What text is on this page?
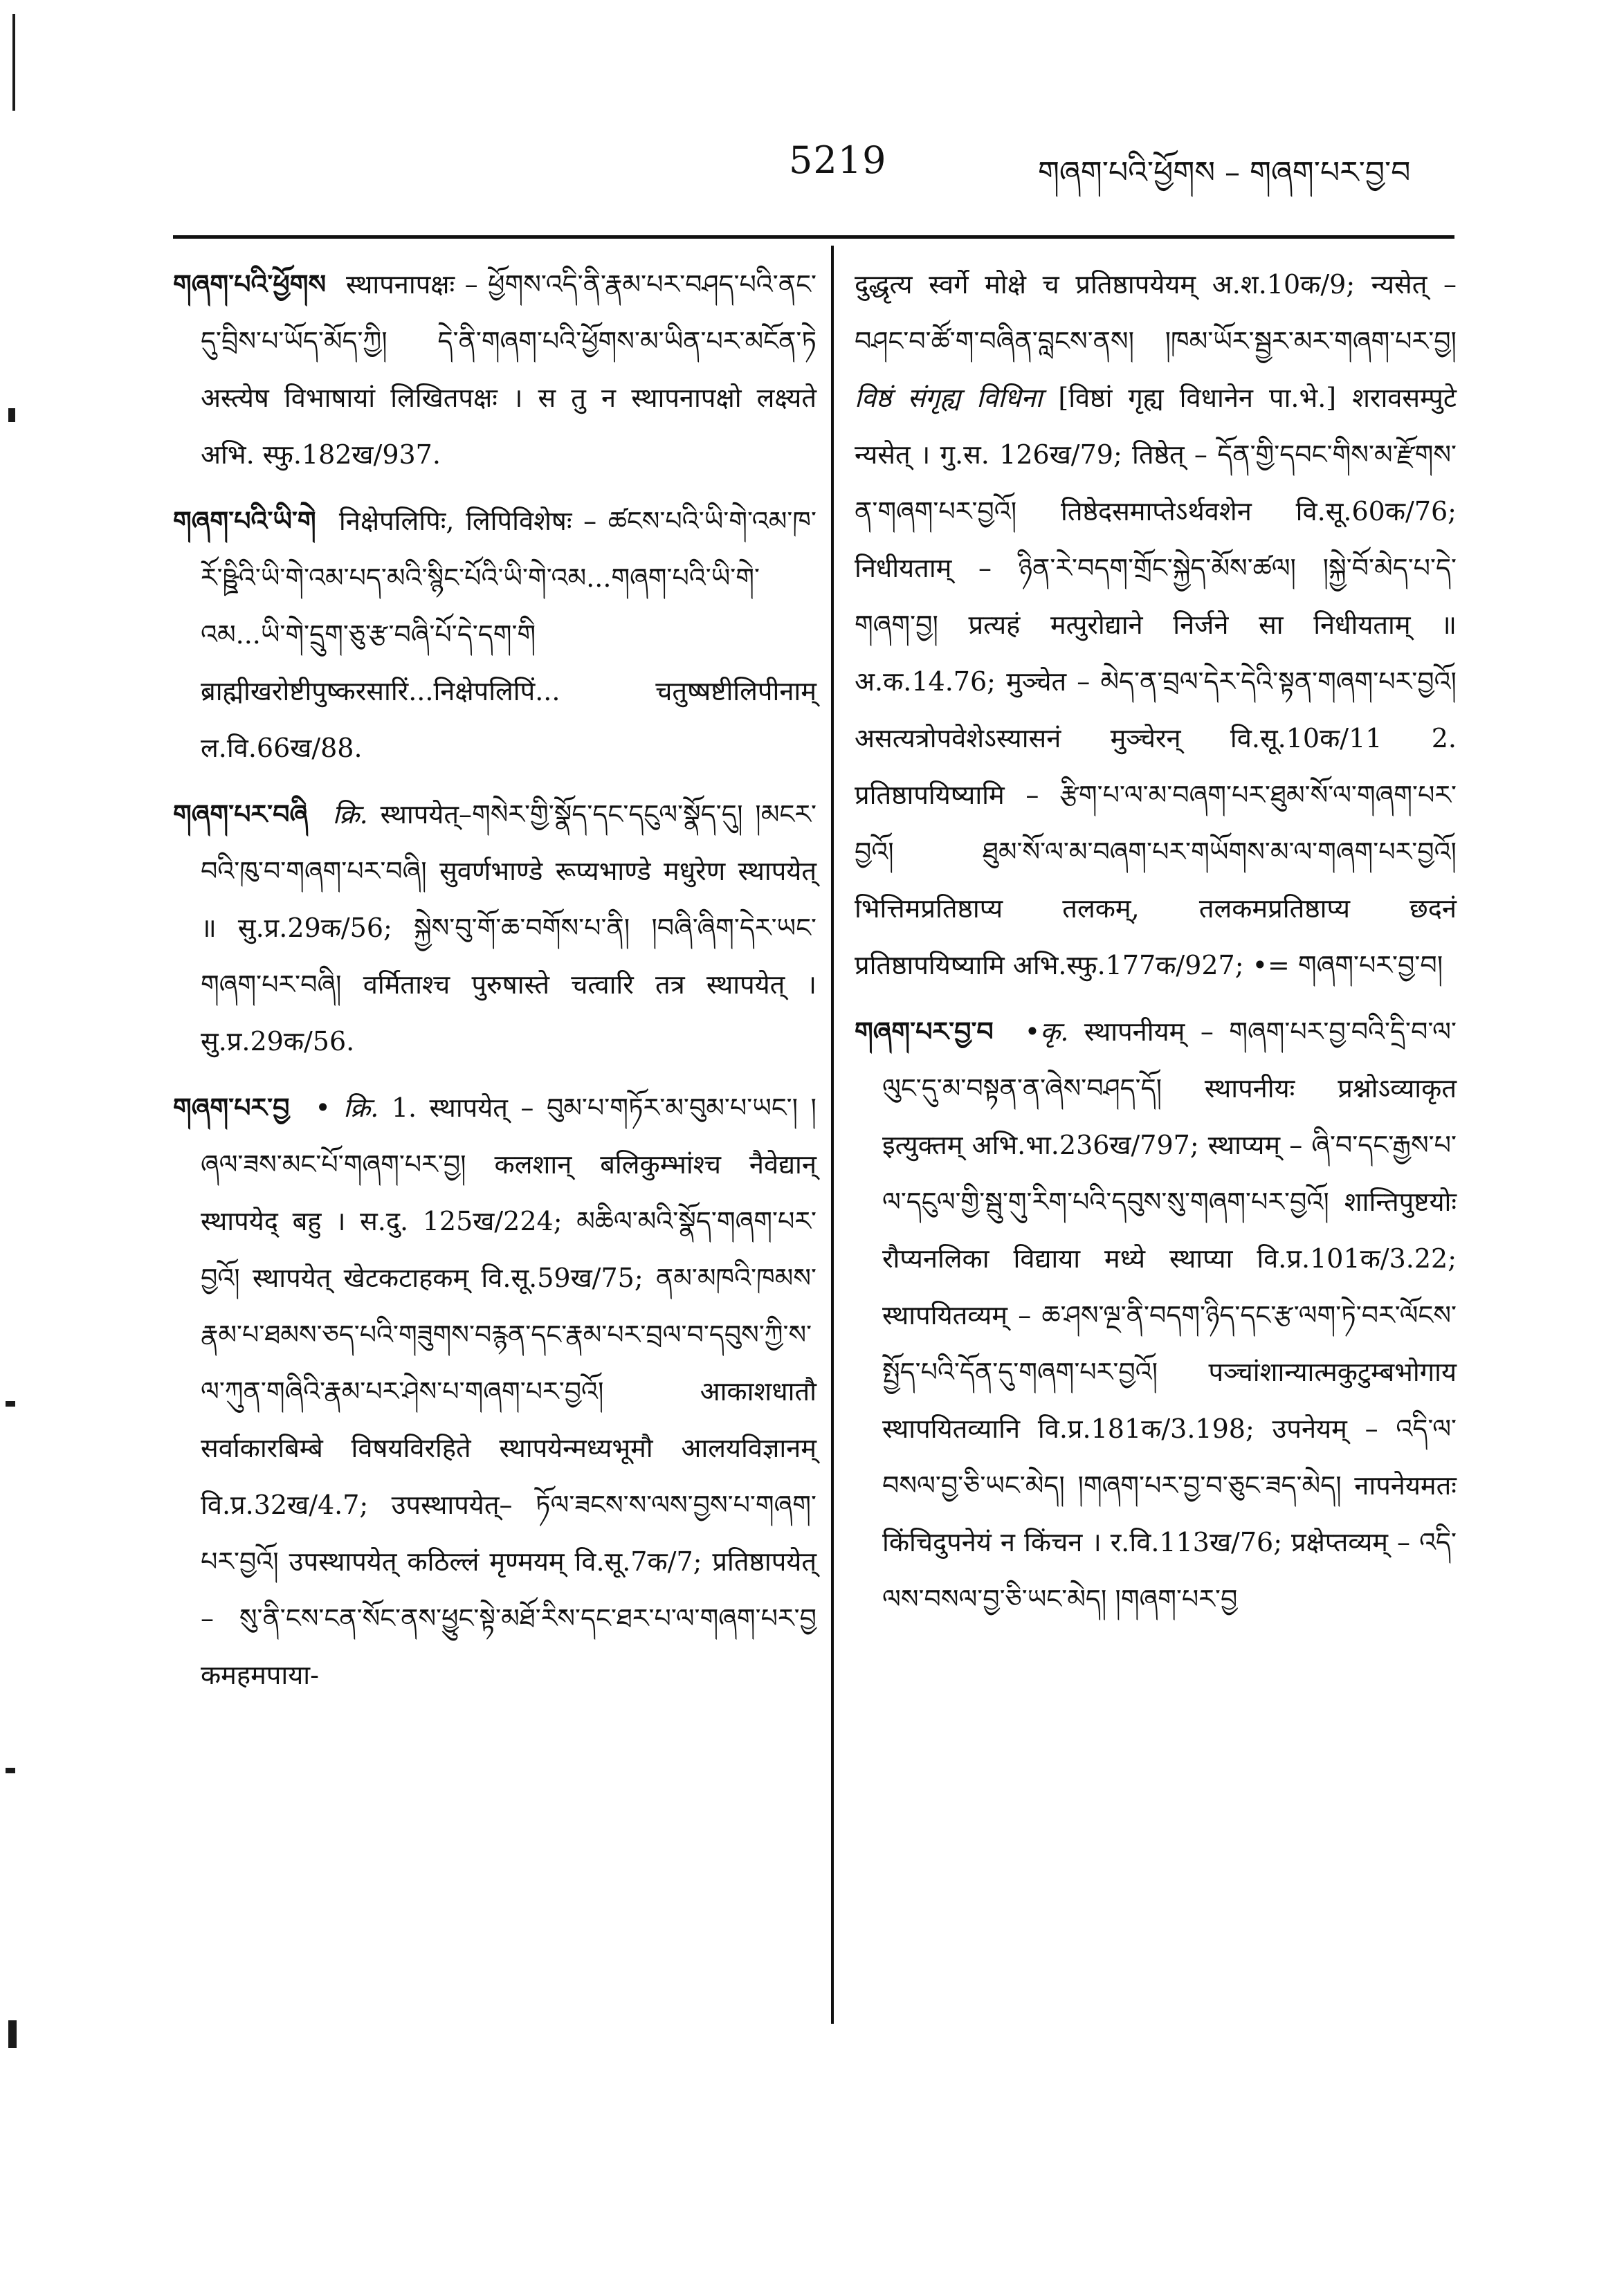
5219	གཞག་པའི་ཕྱོགས – གཞག་པར་བྱ་བ

གཞག་པའི་ཕྱོགས स्थापनापक्षः – ཕྱོགས་འདི་ནི་རྣམ་པར་བཤད་པའི་ནང་དུ་བྲིས་པ་ཡོད་མོད་ཀྱི། དེ་ནི་གཞག་པའི་ཕྱོགས་མ་ཡིན་པར་མངོན་ཏེ अस्त्येष विभाषायां लिखितपक्षः । स तु न स्थापनापक्षो लक्ष्यते अभि. स्फु.182ख/937.

གཞག་པའི་ཡི་གེ निक्षेपलिपिः, लिपिविशेषः – ཚངས་པའི་ཡི་གེ་འམ་ཁ་རོ་ཥྛིའི་ཡི་གེ་འམ་པད་མའི་སྙིང་པོའི་ཡི་གེ་འམ...གཞག་པའི་ཡི་གེ་འམ...ཡི་གེ་དྲུག་ཅུ་རྩ་བཞི་པོ་དེ་དག་གི ब्राह्मीखरोष्टीपुष्करसारिं...निक्षेपलिपिं... चतुष्षष्टीलिपीनाम् ल.वि.66ख/88.

གཞག་པར་བཞི क्रि. स्थापयेत्–གསེར་གྱི་སྣོད་དང་དངུལ་སྣོད་དུ། །མངར་བའི་ཁུ་བ་གཞག་པར་བཞི། सुवर्णभाण्डे रूप्यभाण्डे मधुरेण स्थापयेत् ॥ सु.प्र.29क/56; སྐྱེས་བུ་གོ་ཆ་བགོས་པ་ནི། །བཞི་ཞིག་དེར་ཡང་གཞག་པར་བཞི། वर्मिताश्च पुरुषास्ते चत्वारि तत्र स्थापयेत् । सु.प्र.29क/56.

གཞག་པར་བྱ • क्रि. 1. स्थापयेत् – བུམ་པ་གཏོར་མ་བུམ་པ་ཡང་། །ཞལ་ཟས་མང་པོ་གཞག་པར་བྱ། कलशान् बलिकुम्भांश्च नैवेद्यान् स्थापयेद् बहु । स.दु. 125ख/224; མཆིལ་མའི་སྣོད་གཞག་པར་བྱའོ། स्थापयेत् खेटकटाहकम् वि.सू.59ख/75; ནམ་མཁའི་ཁམས་རྣམ་པ་ཐམས་ཅད་པའི་གཟུགས་བརྙན་དང་རྣམ་པར་བྲལ་བ་དབུས་ཀྱི་ས་ལ་ཀུན་གཞིའི་རྣམ་པར་ཤེས་པ་གཞག་པར་བྱའོ། आकाशधातौ सर्वाकारबिम्बे विषयविरहिते स्थापयेन्मध्यभूमौ आलयविज्ञानम् वि.प्र.32ख/4.7; उपस्थापयेत्– ཏོལ་ཟངས་ས་ལས་བྱས་པ་གཞག་པར་བྱའོ། उपस्थापयेत् कठिल्लं मृण्मयम् वि.सू.7क/7; प्रतिष्ठापयेत् – སུ་ནི་ངས་ངན་སོང་ནས་ཕྱུང་སྟེ་མཐོ་རིས་དང་ཐར་པ་ལ་གཞག་པར་བྱ कमहमपाया-

दुद्धृत्य स्वर्गे मोक्षे च प्रतिष्ठापयेयम् अ.श.10क/9; न्यसेत् – བཤང་བ་ཚོ་ག་བཞིན་བླངས་ནས། །ཁམ་ཡོར་སྦྱར་མར་གཞག་པར་བྱ། विष्ठं संगृह्य विधिना [विष्ठां गृह्य विधानेन पा.भे.] शरावसम्पुटे न्यसेत् । गु.स. 126ख/79; तिष्ठेत् – དོན་གྱི་དབང་གིས་མ་རྫོགས་ན་གཞག་པར་བྱའོ། तिष्ठेदसमाप्तेऽर्थवशेन वि.सू.60क/76; निधीयताम् – ཉིན་རེ་བདག་གྲོང་སྐྱེད་མོས་ཚལ། །སྐྱེ་བོ་མེད་པ་དེ་གཞག་བྱ། प्रत्यहं मत्पुरोद्याने निर्जने सा निधीयताम् ॥ अ.क.14.76; मुञ्चेत – མེད་ན་བྲལ་དེར་དེའི་སྟན་གཞག་པར་བྱའོ། असत्यत्रोपवेशेऽस्यासनं मुञ्चेरन् वि.सू.10क/11 2. प्रतिष्ठापयिष्यामि – རྩིག་པ་ལ་མ་བཞག་པར་ཐུམ་སོ་ལ་གཞག་པར་བྱའོ། ཐུམ་སོ་ལ་མ་བཞག་པར་གཡོགས་མ་ལ་གཞག་པར་བྱའོ། भित्तिमप्रतिष्ठाप्य तलकम्, तलकमप्रतिष्ठाप्य छदनं प्रतिष्ठापयिष्यामि अभि.स्फु.177क/927; •= གཞག་པར་བྱ་བ།

གཞག་པར་བྱ་བ •कृ. स्थापनीयम् – གཞག་པར་བྱ་བའི་དྲི་བ་ལ་ལུང་དུ་མ་བསྟན་ན་ཞེས་བཤད་དོ། स्थापनीयः प्रश्नोऽव्याकृत इत्युक्तम् अभि.भा.236ख/797; स्थाप्यम् – ཞི་བ་དང་རྒྱས་པ་ལ་དངུལ་གྱི་སྦུ་གུ་རིག་པའི་དབུས་སུ་གཞག་པར་བྱའོ། शान्तिपुष्टयोः रौप्यनलिका विद्याया मध्ये स्थाप्या वि.प्र.101क/3.22; स्थापयितव्यम् – ཆ་ཤས་ལྔ་ནི་བདག་ཉིད་དང་རྩ་ལག་ཏེ་བར་ལོངས་སྤྱོད་པའི་དོན་དུ་གཞག་པར་བྱའོ། पञ्चांशान्यात्मकुटुम्बभोगाय स्थापयितव्यानि वि.प्र.181क/3.198; उपनेयम् – འདི་ལ་བསལ་བྱ་ཅི་ཡང་མེད། །གཞག་པར་བྱ་བ་ཅུང་ཟད་མེད། नापनेयमतः किंचिदुपनेयं न किंचन । र.वि.113ख/76; प्रक्षेप्तव्यम् – འདི་ལས་བསལ་བྱ་ཅི་ཡང་མེད། །གཞག་པར་བྱ
